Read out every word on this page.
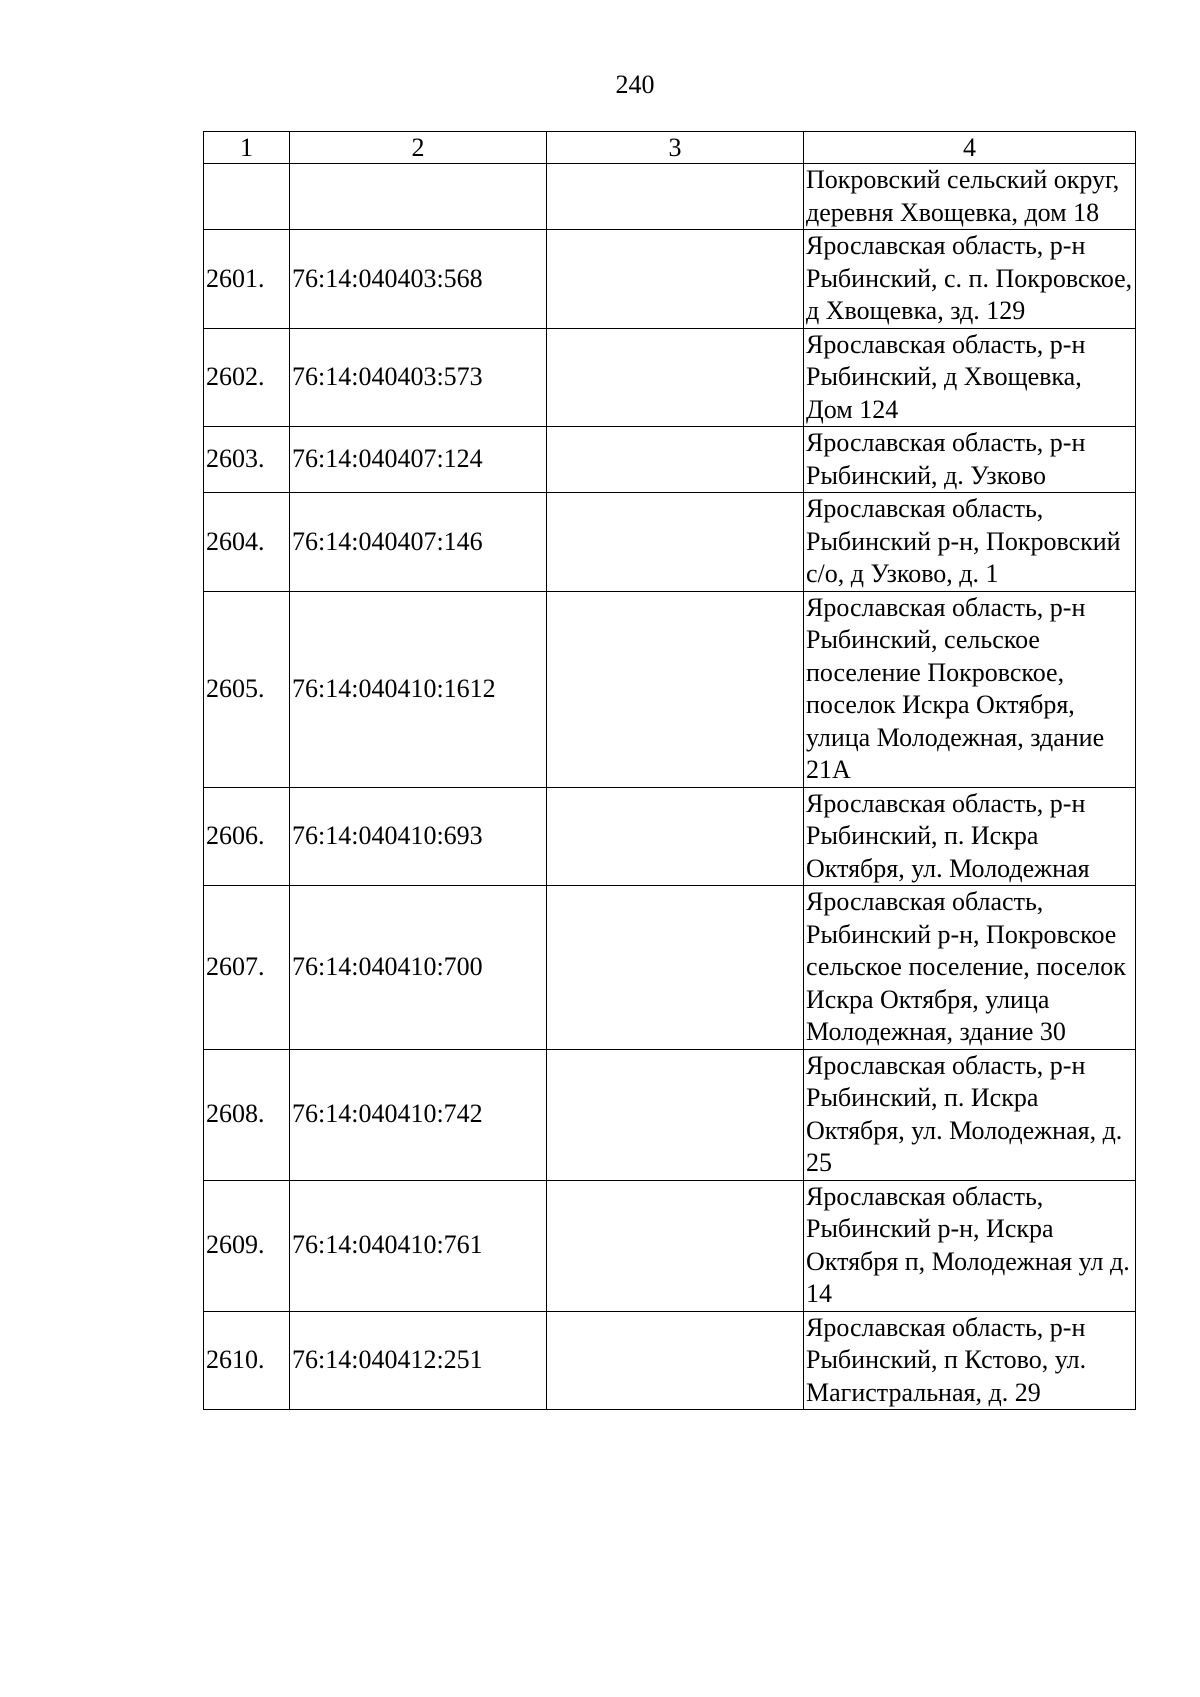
240
1	2	3	4
			Покровский сельский округ, деревня Хвощевка, дом 18
2601.	76:14:040403:568		Ярославская область, р-н Рыбинский, с. п. Покровское, д Хвощевка, зд. 129
2602.	76:14:040403:573		Ярославская область, р-н Рыбинский, д Хвощевка, Дом 124
2603.	76:14:040407:124		Ярославская область, р-н Рыбинский, д. Узково
2604.	76:14:040407:146		Ярославская область, Рыбинский р-н, Покровский с/о, д Узково, д. 1
2605.	76:14:040410:1612		Ярославская область, р-н Рыбинский, сельское поселение Покровское, поселок Искра Октября, улица Молодежная, здание 21А
2606.	76:14:040410:693		Ярославская область, р-н Рыбинский, п. Искра Октября, ул. Молодежная
2607.	76:14:040410:700		Ярославская область, Рыбинский р-н, Покровское сельское поселение, поселок Искра Октября, улица Молодежная, здание 30
2608.	76:14:040410:742		Ярославская область, р-н Рыбинский, п. Искра Октября, ул. Молодежная, д. 25
2609.	76:14:040410:761		Ярославская область, Рыбинский р-н, Искра Октября п, Молодежная ул д. 14
2610.	76:14:040412:251		Ярославская область, р-н Рыбинский, п Кстово, ул. Магистральная, д. 29
